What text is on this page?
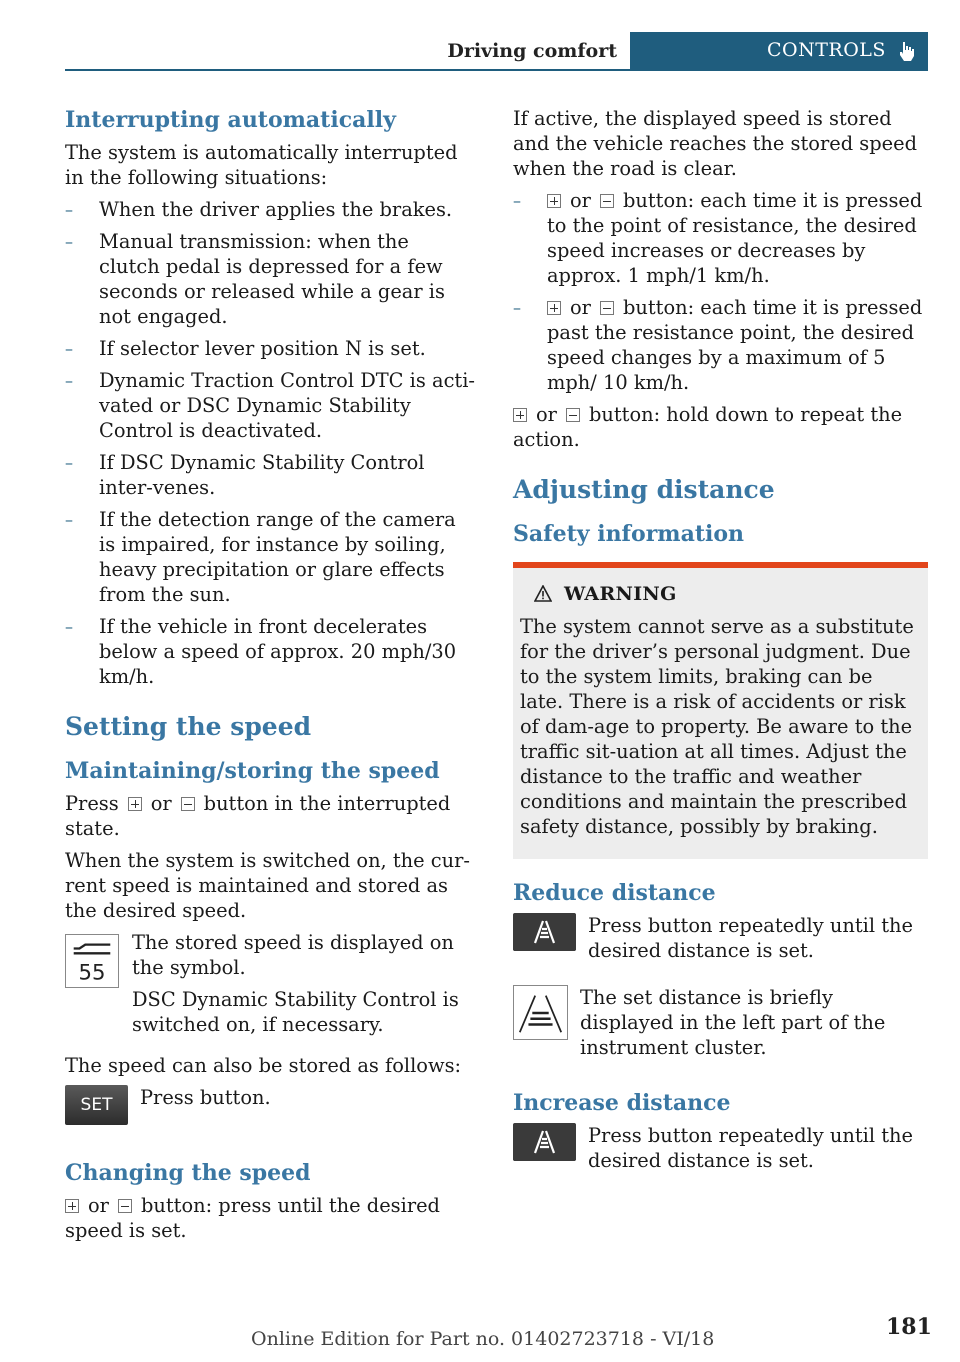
Driving comfort	CONTROLS
Interrupting automatically

The system is automatically interrupted in the following situations:

– When the driver applies the brakes.
– Manual transmission: when the clutch pedal is depressed for a few seconds or released while a gear is not engaged.
– If selector lever position N is set.
– Dynamic Traction Control DTC is acti-vated or DSC Dynamic Stability Control is deactivated.
– If DSC Dynamic Stability Control inter-venes.
– If the detection range of the camera is impaired, for instance by soiling, heavy precipitation or glare effects from the sun.
– If the vehicle in front decelerates below a speed of approx. 20 mph/30 km/h.
Setting the speed
Maintaining/storing the speed

Press or button in the interrupted state.

When the system is switched on, the cur-rent speed is maintained and stored as the desired speed.

55

The stored speed is displayed on the symbol.

DSC Dynamic Stability Control is switched on, if necessary.

The speed can also be stored as follows:

SET	Press button.

Changing the speed

or button: press until the desired speed is set.

If active, the displayed speed is stored and the vehicle reaches the stored speed when the road is clear.

– or button: each time it is pressed to the point of resistance, the desired speed increases or decreases by approx. 1 mph/1 km/h.
– or button: each time it is pressed past the resistance point, the desired speed changes by a maximum of 5 mph/ 10 km/h.

or button: hold down to repeat the action.

Adjusting distance
Safety information
WARNING
The system cannot serve as a substitute for the driver’s personal judgment. Due to the system limits, braking can be late. There is a risk of accidents or risk of dam-age to property. Be aware to the traffic sit-uation at all times. Adjust the distance to the traffic and weather conditions and maintain the prescribed safety distance, possibly by braking.
Reduce distance

Press button repeatedly until the desired distance is set.

The set distance is briefly displayed in the left part of the instrument cluster.

Increase distance

Press button repeatedly until the desired distance is set.

181
Online Edition for Part no. 01402723718 - VI/18
